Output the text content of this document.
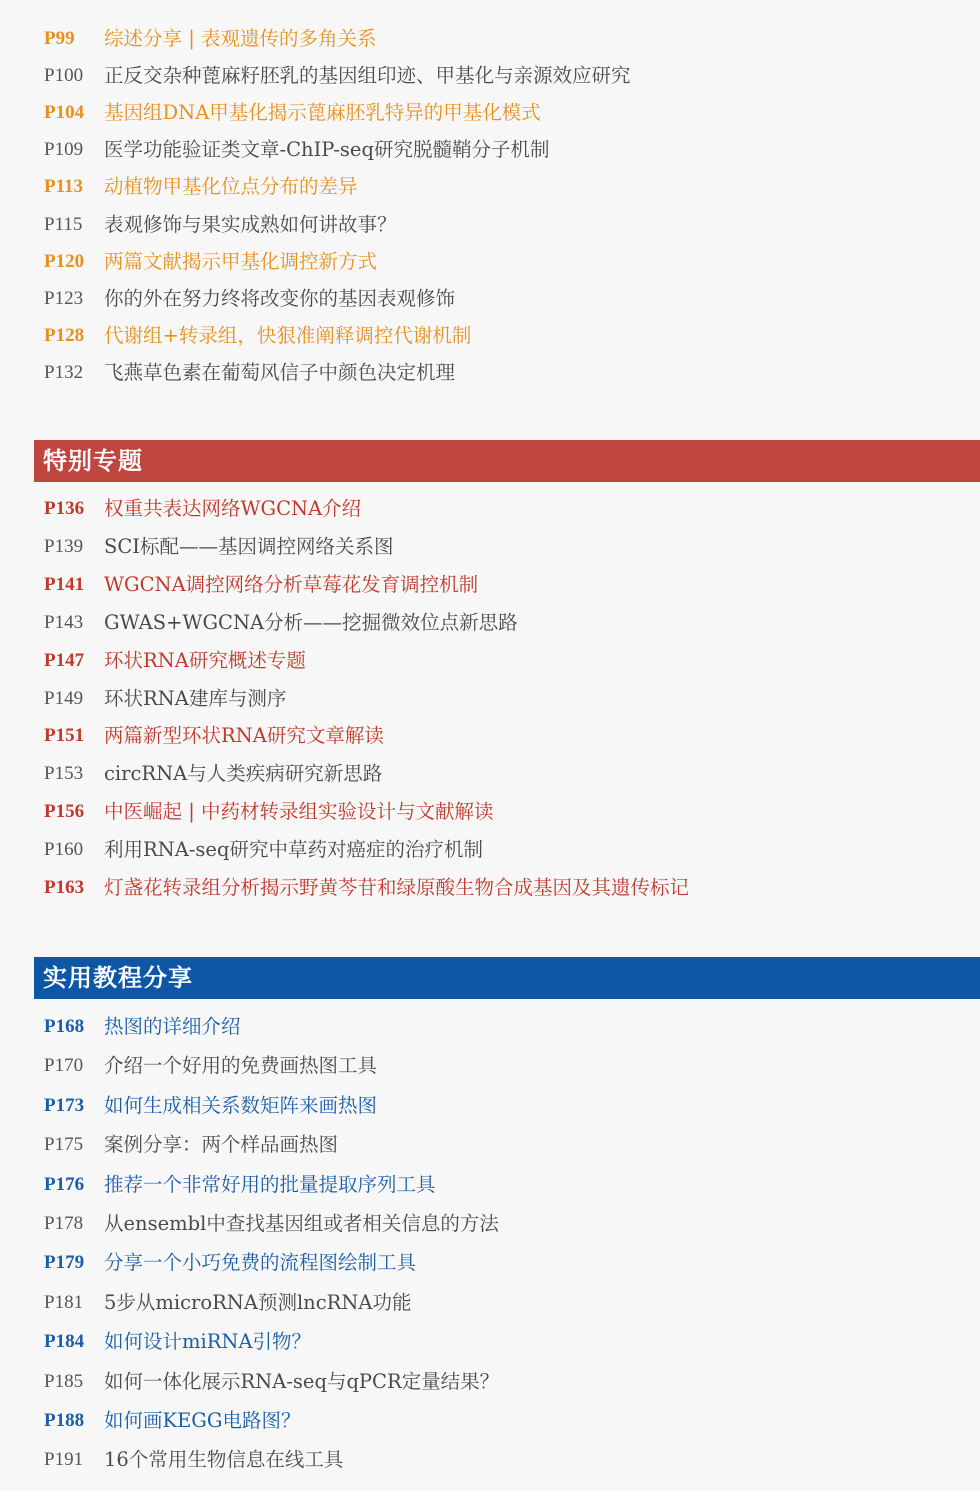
P99	综述分享 | 表观遗传的多角关系
P100	正反交杂种蓖麻籽胚乳的基因组印迹、甲基化与亲源效应研究
P104	基因组DNA甲基化揭示蓖麻胚乳特异的甲基化模式
P109	医学功能验证类文章-ChIP-seq研究脱髓鞘分子机制
P113	动植物甲基化位点分布的差异
P115	表观修饰与果实成熟如何讲故事？
P120	两篇文献揭示甲基化调控新方式
P123	你的外在努力终将改变你的基因表观修饰
P128	代谢组+转录组，快狠准阐释调控代谢机制
P132	飞燕草色素在葡萄风信子中颜色决定机理
特别专题
P136	权重共表达网络WGCNA介绍
P139	SCI标配——基因调控网络关系图
P141	WGCNA调控网络分析草莓花发育调控机制
P143	GWAS+WGCNA分析——挖掘微效位点新思路
P147	环状RNA研究概述专题
P149	环状RNA建库与测序
P151	两篇新型环状RNA研究文章解读
P153	circRNA与人类疾病研究新思路
P156	中医崛起 | 中药材转录组实验设计与文献解读
P160	利用RNA-seq研究中草药对癌症的治疗机制
P163	灯盏花转录组分析揭示野黄芩苷和绿原酸生物合成基因及其遗传标记
实用教程分享
P168	热图的详细介绍
P170	介绍一个好用的免费画热图工具
P173	如何生成相关系数矩阵来画热图
P175	案例分享：两个样品画热图
P176	推荐一个非常好用的批量提取序列工具
P178	从ensembl中查找基因组或者相关信息的方法
P179	分享一个小巧免费的流程图绘制工具
P181	5步从microRNA预测lncRNA功能
P184	如何设计miRNA引物？
P185	如何一体化展示RNA-seq与qPCR定量结果？
P188	如何画KEGG电路图？
P191	16个常用生物信息在线工具
